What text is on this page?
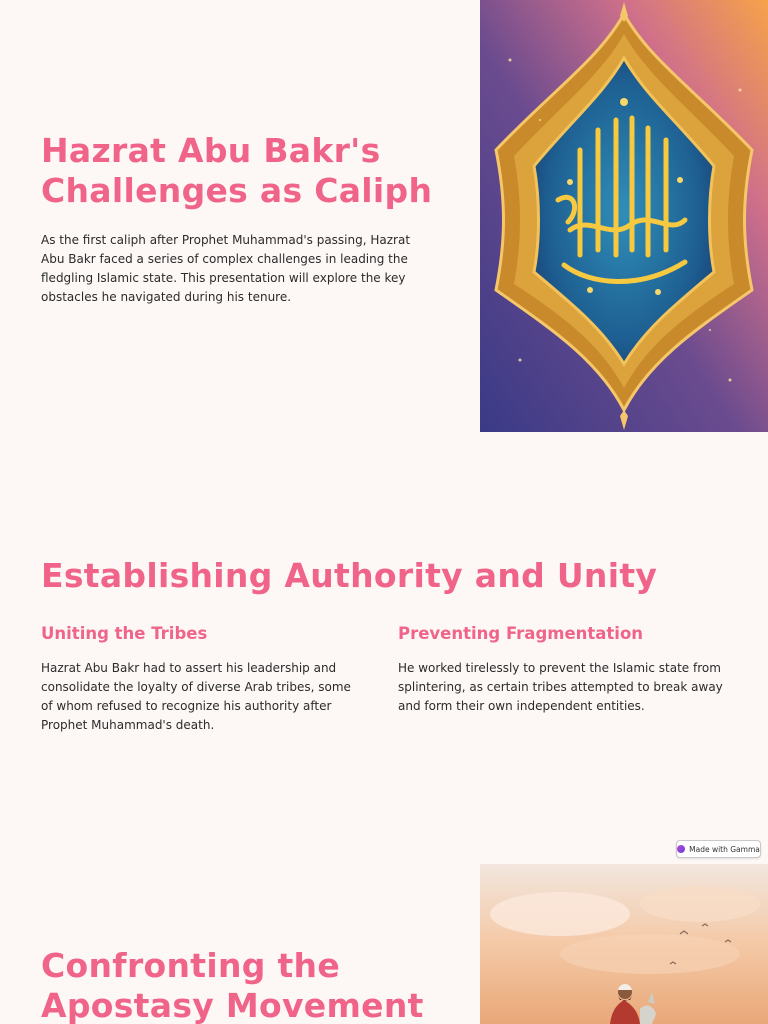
Hazrat Abu Bakr's Challenges as Caliph

As the first caliph after Prophet Muhammad's passing, Hazrat Abu Bakr faced a series of complex challenges in leading the fledgling Islamic state. This presentation will explore the key obstacles he navigated during his tenure.

Establishing Authority and Unity
Uniting the Tribes

Hazrat Abu Bakr had to assert his leadership and consolidate the loyalty of diverse Arab tribes, some of whom refused to recognize his authority after Prophet Muhammad's death.

Preventing Fragmentation

He worked tirelessly to prevent the Islamic state from splintering, as certain tribes attempted to break away and form their own independent entities.

Made with Gamma
Confronting the Apostasy Movement
